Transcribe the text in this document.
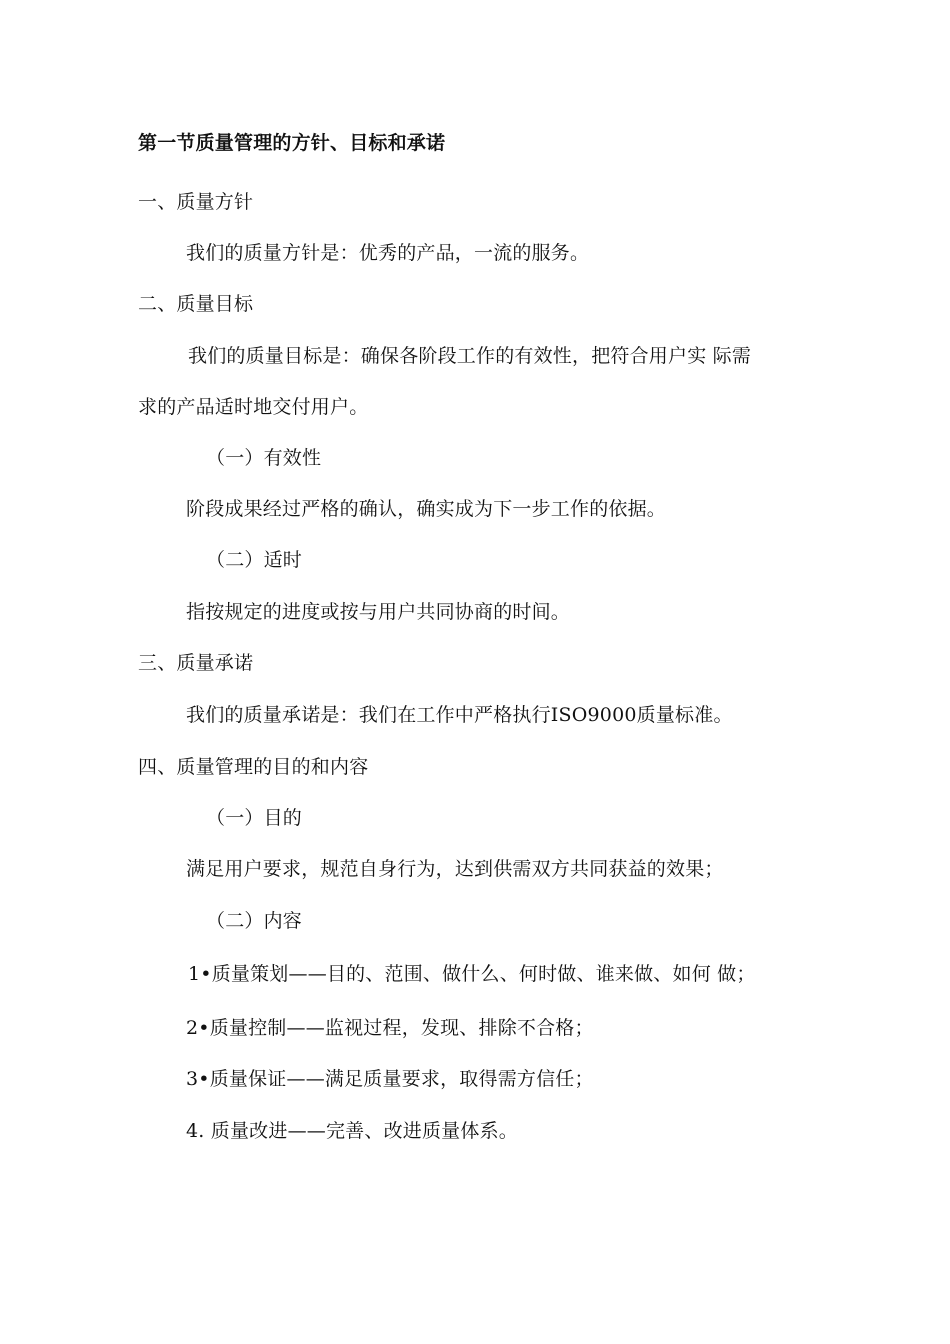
第一节质量管理的方针、目标和承诺
一、质量方针
我们的质量方针是：优秀的产品，一流的服务。
二、质量目标
我们的质量目标是：确保各阶段工作的有效性，把符合用户实 际需
求的产品适时地交付用户。
（一）有效性
阶段成果经过严格的确认，确实成为下一步工作的依据。
（二）适时
指按规定的进度或按与用户共同协商的时间。
三、质量承诺
我们的质量承诺是：我们在工作中严格执行ISO9000质量标准。
四、质量管理的目的和内容
（一）目的
满足用户要求，规范自身行为，达到供需双方共同获益的效果；
（二）内容
1•质量策划——目的、范围、做什么、何时做、谁来做、如何 做；
2•质量控制——监视过程，发现、排除不合格；
3•质量保证——满足质量要求，取得需方信任；
4. 质量改进——完善、改进质量体系。
